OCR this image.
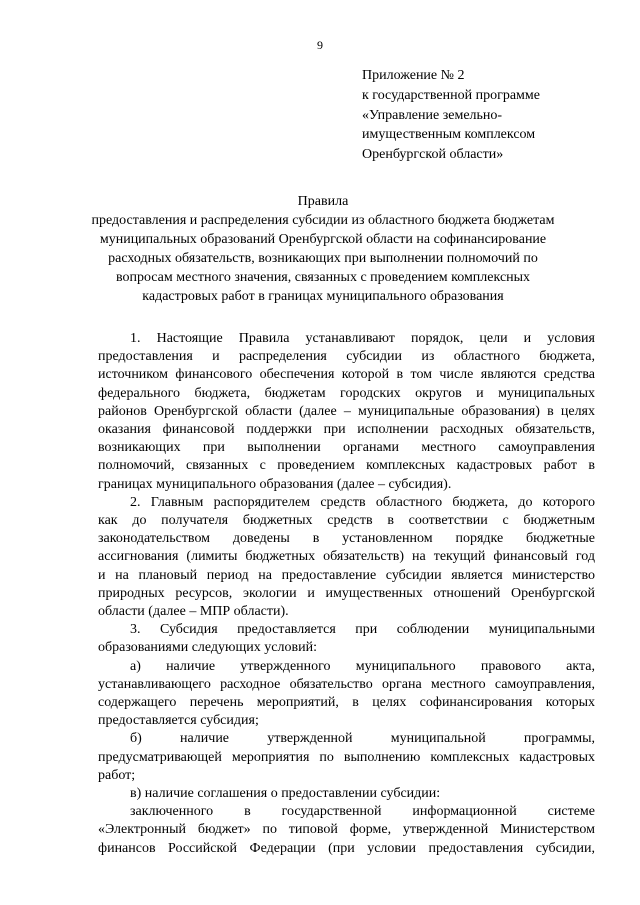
9
Приложение № 2
к государственной программе
«Управление земельно-
имущественным комплексом
Оренбургской области»
Правила
предоставления и распределения субсидии из областного бюджета бюджетам
муниципальных образований Оренбургской области на софинансирование
расходных обязательств, возникающих при выполнении полномочий по
вопросам местного значения, связанных с проведением комплексных
кадастровых работ в границах муниципального образования
1. Настоящие Правила устанавливают порядок, цели и условия
предоставления и распределения субсидии из областного бюджета,
источником финансового обеспечения которой в том числе являются средства
федерального бюджета, бюджетам городских округов и муниципальных
районов Оренбургской области (далее – муниципальные образования) в целях
оказания финансовой поддержки при исполнении расходных обязательств,
возникающих при выполнении органами местного самоуправления
полномочий, связанных с проведением комплексных кадастровых работ в
границах муниципального образования (далее – субсидия).
2. Главным распорядителем средств областного бюджета, до которого
как до получателя бюджетных средств в соответствии с бюджетным
законодательством доведены в установленном порядке бюджетные
ассигнования (лимиты бюджетных обязательств) на текущий финансовый год
и на плановый период на предоставление субсидии является министерство
природных ресурсов, экологии и имущественных отношений Оренбургской
области (далее – МПР области).
3. Субсидия предоставляется при соблюдении муниципальными
образованиями следующих условий:
а) наличие утвержденного муниципального правового акта,
устанавливающего расходное обязательство органа местного самоуправления,
содержащего перечень мероприятий, в целях софинансирования которых
предоставляется субсидия;
б) наличие утвержденной муниципальной программы,
предусматривающей мероприятия по выполнению комплексных кадастровых
работ;
в) наличие соглашения о предоставлении субсидии:
заключенного в государственной информационной системе
«Электронный бюджет» по типовой форме, утвержденной Министерством
финансов Российской Федерации (при условии предоставления субсидии,
